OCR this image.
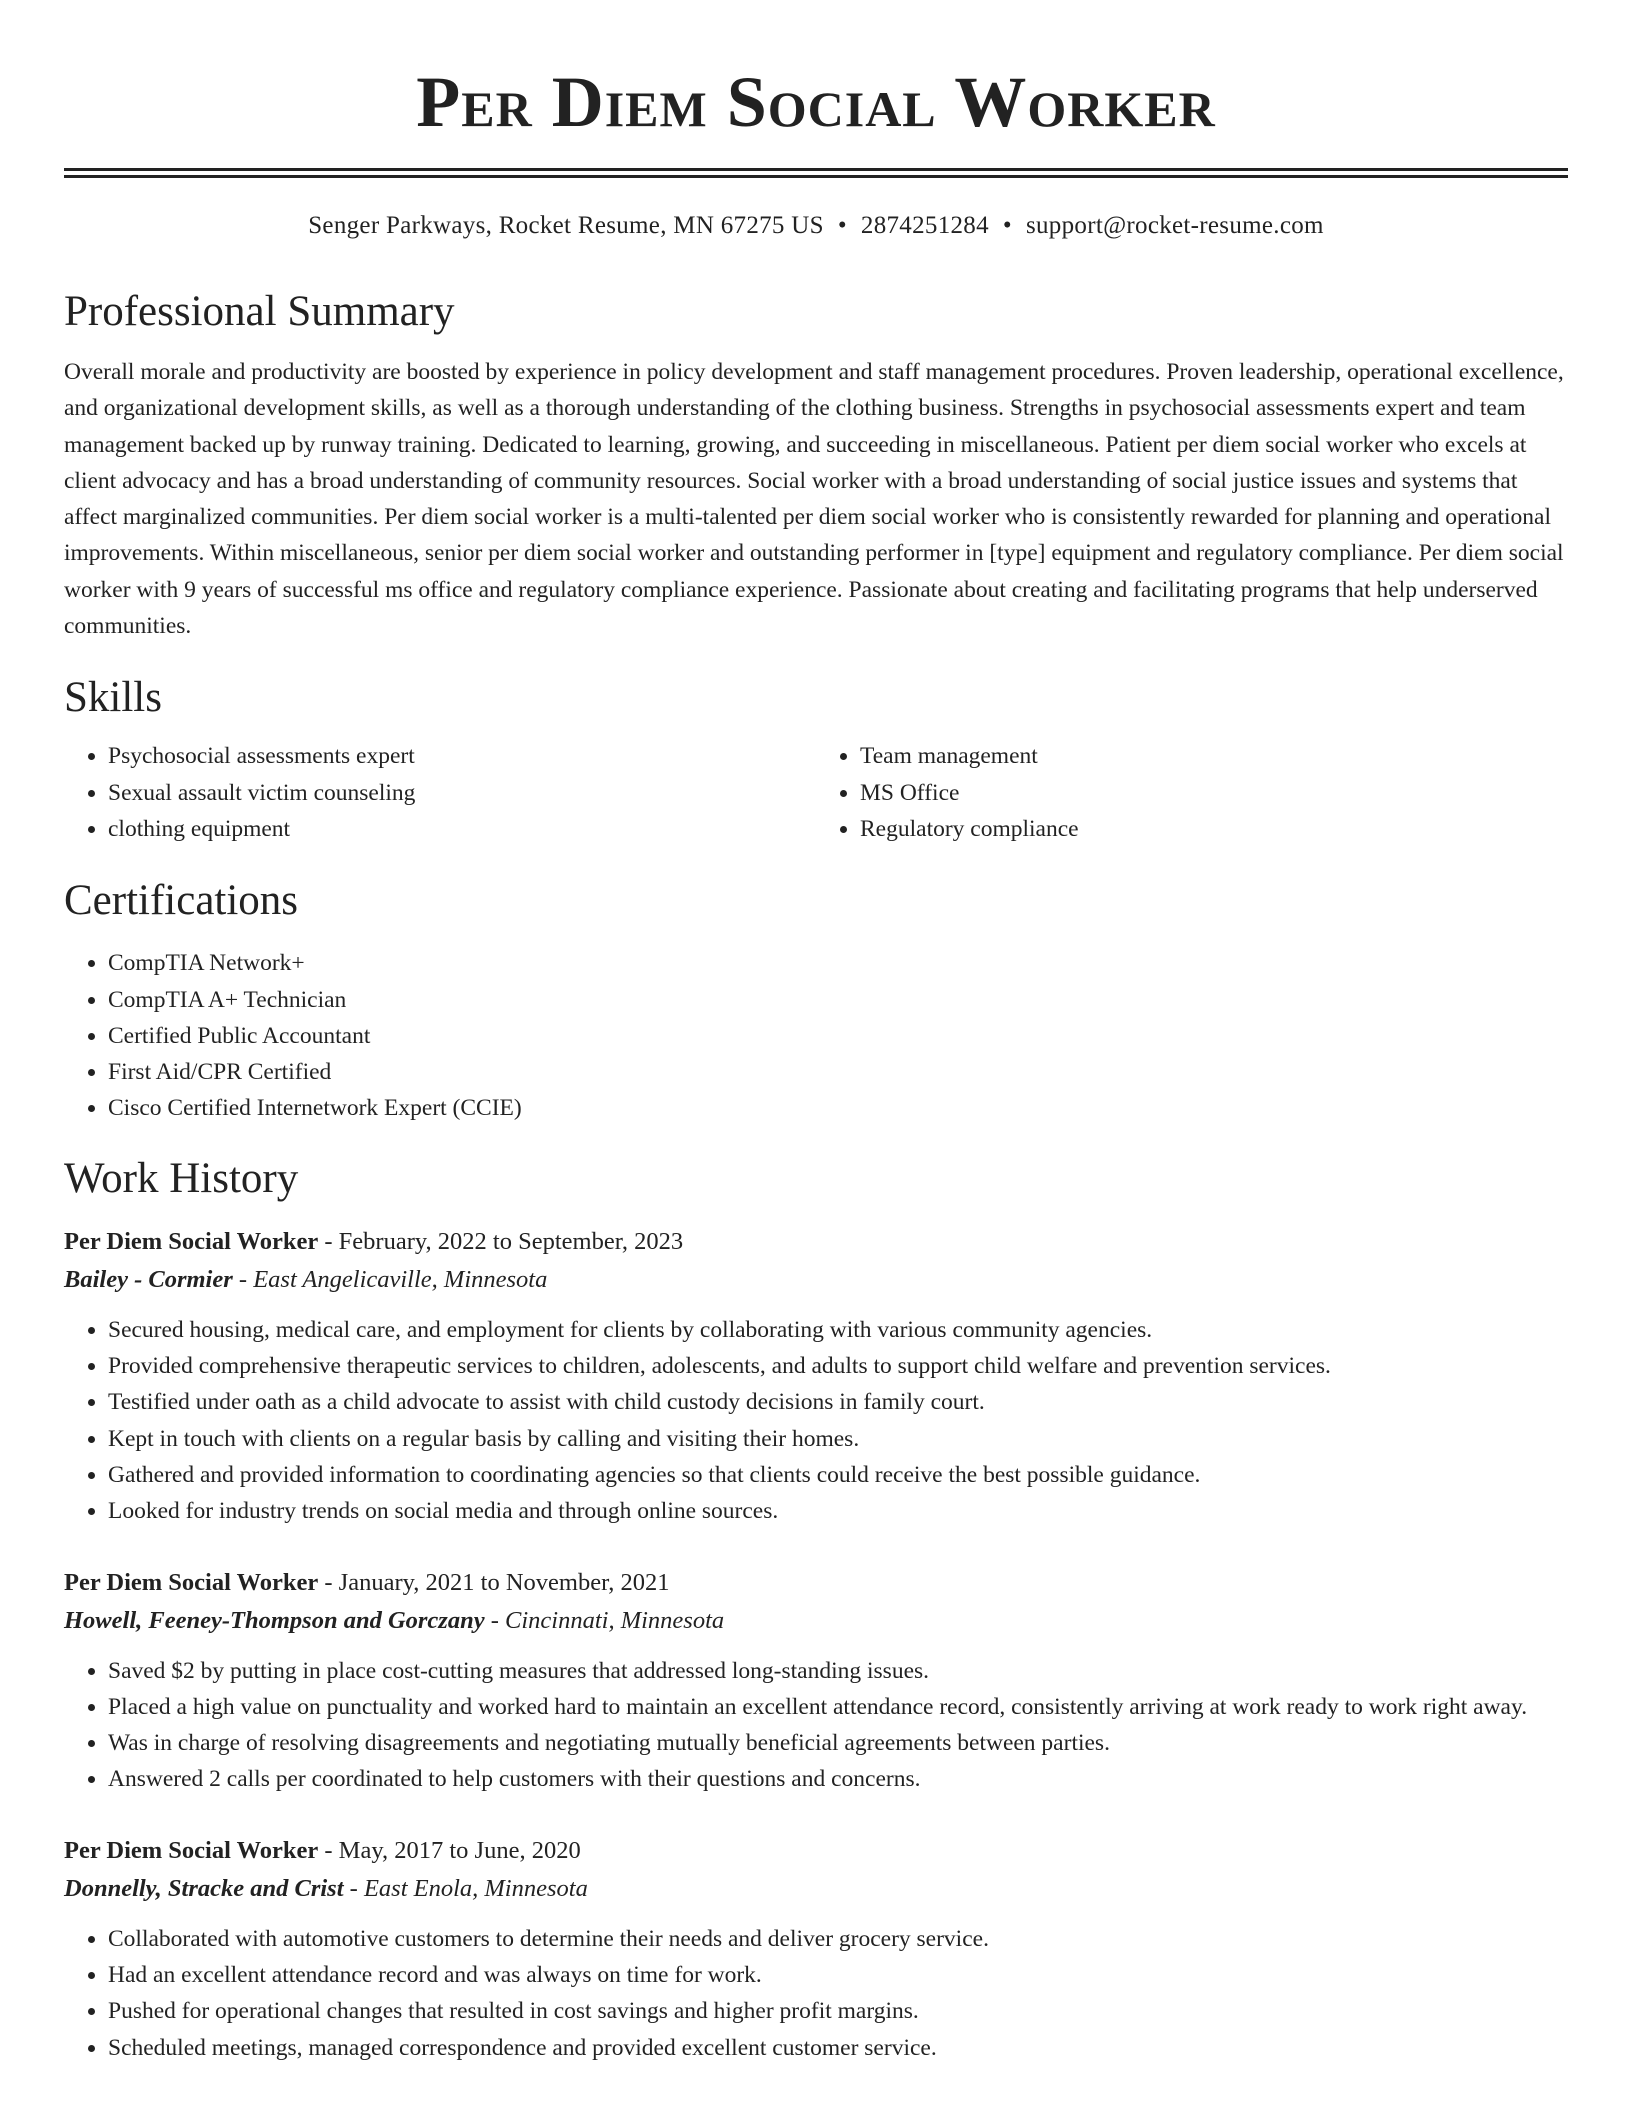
Per Diem Social Worker
Senger Parkways, Rocket Resume, MN 67275 US • 2874251284 • support@rocket-resume.com
Professional Summary

Overall morale and productivity are boosted by experience in policy development and staff management procedures. Proven leadership, operational excellence, and organizational development skills, as well as a thorough understanding of the clothing business. Strengths in psychosocial assessments expert and team management backed up by runway training. Dedicated to learning, growing, and succeeding in miscellaneous. Patient per diem social worker who excels at client advocacy and has a broad understanding of community resources. Social worker with a broad understanding of social justice issues and systems that affect marginalized communities. Per diem social worker is a multi-talented per diem social worker who is consistently rewarded for planning and operational improvements. Within miscellaneous, senior per diem social worker and outstanding performer in [type] equipment and regulatory compliance. Per diem social worker with 9 years of successful ms office and regulatory compliance experience. Passionate about creating and facilitating programs that help underserved communities.

Skills
• Psychosocial assessments expert
• Sexual assault victim counseling
• clothing equipment
• Team management
• MS Office
• Regulatory compliance
Certifications
• CompTIA Network+
• CompTIA A+ Technician
• Certified Public Accountant
• First Aid/CPR Certified
• Cisco Certified Internetwork Expert (CCIE)
Work History
Per Diem Social Worker - February, 2022 to September, 2023
Bailey - Cormier - East Angelicaville, Minnesota
• Secured housing, medical care, and employment for clients by collaborating with various community agencies.
• Provided comprehensive therapeutic services to children, adolescents, and adults to support child welfare and prevention services.
• Testified under oath as a child advocate to assist with child custody decisions in family court.
• Kept in touch with clients on a regular basis by calling and visiting their homes.
• Gathered and provided information to coordinating agencies so that clients could receive the best possible guidance.
• Looked for industry trends on social media and through online sources.
Per Diem Social Worker - January, 2021 to November, 2021
Howell, Feeney-Thompson and Gorczany - Cincinnati, Minnesota
• Saved $2 by putting in place cost-cutting measures that addressed long-standing issues.
• Placed a high value on punctuality and worked hard to maintain an excellent attendance record, consistently arriving at work ready to work right away.
• Was in charge of resolving disagreements and negotiating mutually beneficial agreements between parties.
• Answered 2 calls per coordinated to help customers with their questions and concerns.
Per Diem Social Worker - May, 2017 to June, 2020
Donnelly, Stracke and Crist - East Enola, Minnesota
• Collaborated with automotive customers to determine their needs and deliver grocery service.
• Had an excellent attendance record and was always on time for work.
• Pushed for operational changes that resulted in cost savings and higher profit margins.
• Scheduled meetings, managed correspondence and provided excellent customer service.
